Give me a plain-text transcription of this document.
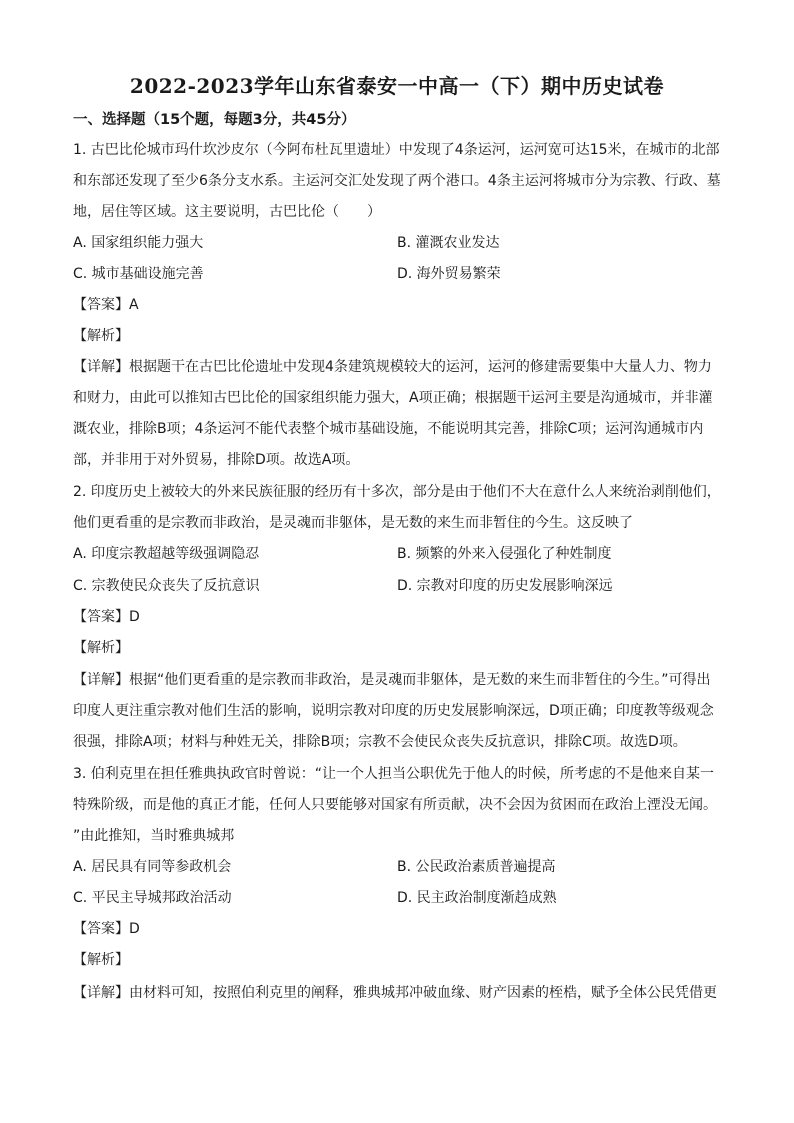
2022-2023学年山东省泰安一中高一（下）期中历史试卷
一、选择题（15个题，每题3分，共45分）
1. 古巴比伦城市玛什坎沙皮尔（今阿布杜瓦里遗址）中发现了4条运河，运河宽可达15米，在城市的北部
和东部还发现了至少6条分支水系。主运河交汇处发现了两个港口。4条主运河将城市分为宗教、行政、墓
地，居住等区域。这主要说明，古巴比伦（　　）
A. 国家组织能力强大	B. 灌溉农业发达
C. 城市基础设施完善	D. 海外贸易繁荣
【答案】A
【解析】
【详解】根据题干在古巴比伦遗址中发现4条建筑规模较大的运河，运河的修建需要集中大量人力、物力
和财力，由此可以推知古巴比伦的国家组织能力强大，A项正确；根据题干运河主要是沟通城市，并非灌
溉农业，排除B项；4条运河不能代表整个城市基础设施，不能说明其完善，排除C项；运河沟通城市内
部，并非用于对外贸易，排除D项。故选A项。
2. 印度历史上被较大的外来民族征服的经历有十多次，部分是由于他们不大在意什么人来统治剥削他们，
他们更看重的是宗教而非政治，是灵魂而非躯体，是无数的来生而非暂住的今生。这反映了
A. 印度宗教超越等级强调隐忍	B. 频繁的外来入侵强化了种姓制度
C. 宗教使民众丧失了反抗意识	D. 宗教对印度的历史发展影响深远
【答案】D
【解析】
【详解】根据“他们更看重的是宗教而非政治，是灵魂而非躯体，是无数的来生而非暂住的今生。”可得出
印度人更注重宗教对他们生活的影响，说明宗教对印度的历史发展影响深远，D项正确；印度教等级观念
很强，排除A项；材料与种姓无关，排除B项；宗教不会使民众丧失反抗意识，排除C项。故选D项。
3. 伯利克里在担任雅典执政官时曾说：“让一个人担当公职优先于他人的时候，所考虑的不是他来自某一
特殊阶级，而是他的真正才能，任何人只要能够对国家有所贡献，决不会因为贫困而在政治上湮没无闻。
”由此推知，当时雅典城邦
A. 居民具有同等参政机会	B. 公民政治素质普遍提高
C. 平民主导城邦政治活动	D. 民主政治制度渐趋成熟
【答案】D
【解析】
【详解】由材料可知，按照伯利克里的阐释，雅典城邦冲破血缘、财产因素的桎梏，赋予全体公民凭借更
